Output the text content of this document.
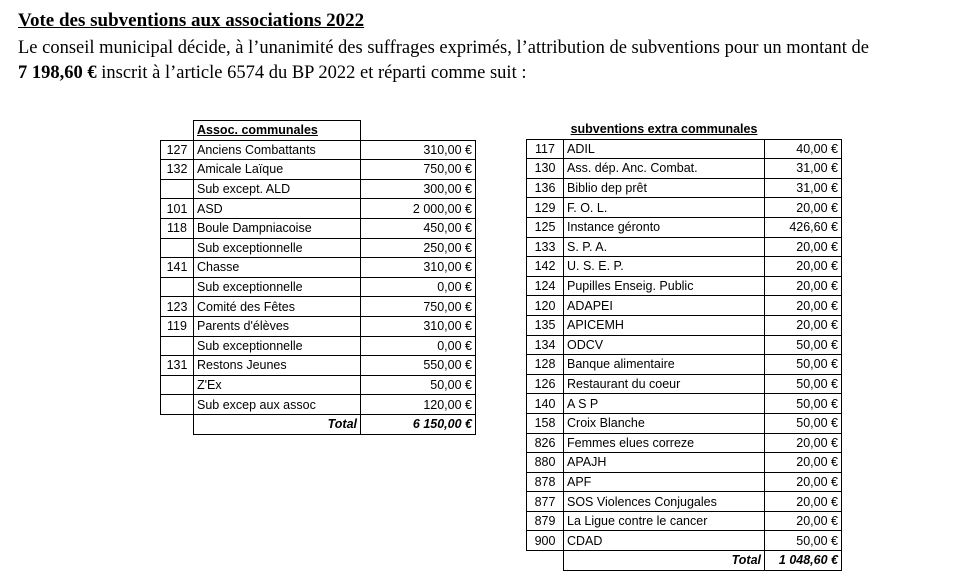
Vote des subventions aux associations 2022
Le conseil municipal décide, à l’unanimité des suffrages exprimés, l’attribution de subventions pour un montant de
7 198,60 € inscrit à l’article 6574 du BP 2022 et réparti comme suit :
	Assoc. communales	
127	Anciens Combattants	310,00 €
132	Amicale Laïque	750,00 €
	Sub except. ALD	300,00 €
101	ASD	2 000,00 €
118	Boule Dampniacoise	450,00 €
	Sub exceptionnelle	250,00 €
141	Chasse	310,00 €
	Sub exceptionnelle	0,00 €
123	Comité des Fêtes	750,00 €
119	Parents d'élèves	310,00 €
	Sub exceptionnelle	0,00 €
131	Restons Jeunes	550,00 €
	Z'Ex	50,00 €
	Sub excep aux assoc	120,00 €
	Total	6 150,00 €
	subventions extra communales	
117	ADIL	40,00 €
130	Ass. dép. Anc. Combat.	31,00 €
136	Biblio dep prêt	31,00 €
129	F. O. L.	20,00 €
125	Instance géronto	426,60 €
133	S. P. A.	20,00 €
142	U. S. E. P.	20,00 €
124	Pupilles Enseig. Public	20,00 €
120	ADAPEI	20,00 €
135	APICEMH	20,00 €
134	ODCV	50,00 €
128	Banque alimentaire	50,00 €
126	Restaurant du coeur	50,00 €
140	A S P	50,00 €
158	Croix Blanche	50,00 €
826	Femmes elues correze	20,00 €
880	APAJH	20,00 €
878	APF	20,00 €
877	SOS Violences Conjugales	20,00 €
879	La Ligue contre le cancer	20,00 €
900	CDAD	50,00 €
	Total	1 048,60 €
